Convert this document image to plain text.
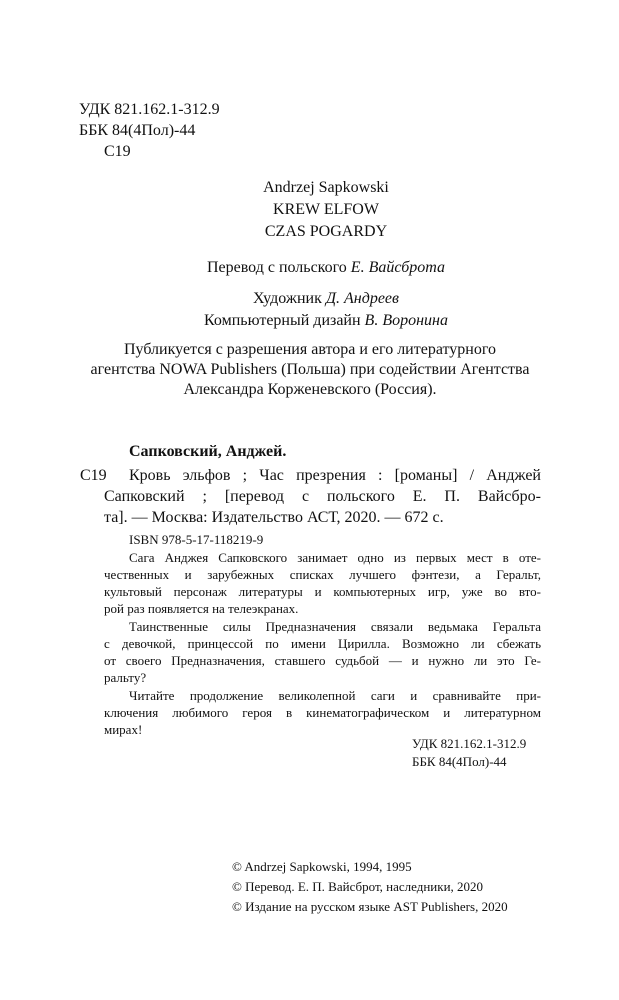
УДК 821.162.1-312.9
ББК 84(4Пол)-44
С19
Andrzej Sapkowski
KREW ELFOW
CZAS POGARDY
Перевод с польского Е. Вайсброта
Художник Д. Андреев
Компьютерный дизайн В. Воронина
Публикуется с разрешения автора и его литературного
агентства NOWA Publishers (Польша) при содействии Агентства
Александра Корженевского (Россия).
Сапковский, Анджей.
С19 Кровь эльфов ; Час презрения : [романы] / Анджей
Сапковский ; [перевод с польского Е. П. Вайсбро-
та]. — Москва: Издательство АСТ, 2020. — 672 с.
ISBN 978-5-17-118219-9
Сага Анджея Сапковского занимает одно из первых мест в оте-
чественных и зарубежных списках лучшего фэнтези, а Геральт,
культовый персонаж литературы и компьютерных игр, уже во вто-
рой раз появляется на телеэкранах.
Таинственные силы Предназначения связали ведьмака Геральта
с девочкой, принцессой по имени Цирилла. Возможно ли сбежать
от своего Предназначения, ставшего судьбой — и нужно ли это Ге-
ральту?
Читайте продолжение великолепной саги и сравнивайте при-
ключения любимого героя в кинематографическом и литературном
мирах!
УДК 821.162.1-312.9
ББК 84(4Пол)-44
© Andrzej Sapkowski, 1994, 1995
© Перевод. Е. П. Вайсброт, наследники, 2020
© Издание на русском языке AST Publishers, 2020
